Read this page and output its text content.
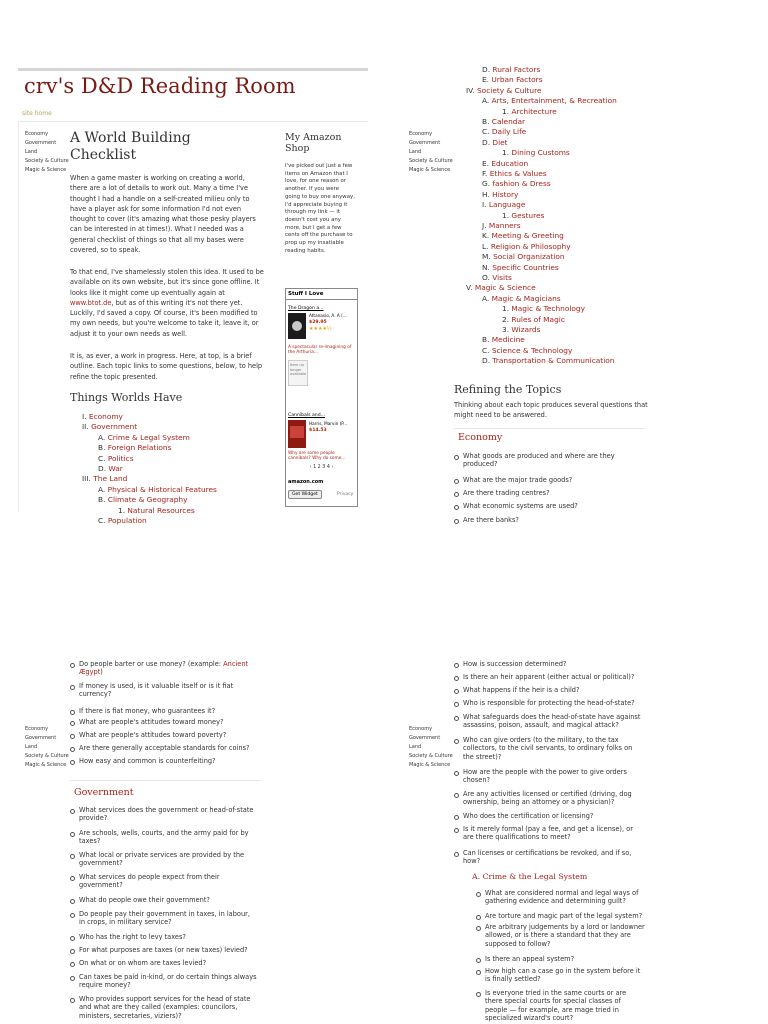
crv's D&D Reading Room
site home
Economy
Government
Land
Society & Culture
Magic & Science
A World Building
Checklist
When a game master is working on creating a world, there are a lot of details to work out. Many a time I've thought I had a handle on a self-created milieu only to have a player ask for some information I'd not even thought to cover (it's amazing what those pesky players can be interested in at times!). What I needed was a general checklist of things so that all my bases were covered, so to speak.
To that end, I've shamelessly stolen this idea. It used to be available on its own website, but it's since gone offline. It looks like it might come up eventually again at www.btot.de, but as of this writing it's not there yet. Luckily, I'd saved a copy. Of course, it's been modified to my own needs, but you're welcome to take it, leave it, or adjust it to your own needs as well.
It is, as ever, a work in progress. Here, at top, is a brief outline. Each topic links to some questions, below, to help refine the topic presented.
Things Worlds Have
I. Economy
II. Government
A. Crime & Legal System
B. Foreign Relations
C. Politics
D. War
III. The Land
A. Physical & Historical Features
B. Climate & Geography
1. Natural Resources
C. Population
My Amazon
Shop
I've picked out just a few items on Amazon that I love, for one reason or another. If you were going to buy one anyway, I'd appreciate buying it through my link — it doesn't cost you any more, but I get a few cents off the purchase to prop up my insatiable reading habits.
Stuff I Love
The Dragon a...
Attanasio, A. A (...
$29.95
★★★★½
A spectacular re-imagining of the Arthuria...
Item no longer available
Cannibals and...
Harris, Marvin (P...
$14.53
Why are some people cannibals? Why do some...
‹ 1 2 3 4 ›
amazon.com
Get Widget	Privacy
Economy
Government
Land
Society & Culture
Magic & Science
D. Rural Factors
E. Urban Factors
IV. Society & Culture
A. Arts, Entertainment, & Recreation
1. Architecture
B. Calendar
C. Daily Life
D. Diet
1. Dining Customs
E. Education
F. Ethics & Values
G. fashion & Dress
H. History
I. Language
1. Gestures
J. Manners
K. Meeting & Greeting
L. Religion & Philosophy
M. Social Organization
N. Specific Countries
O. Visits
V. Magic & Science
A. Magic & Magicians
1. Magic & Technology
2. Rules of Magic
3. Wizards
B. Medicine
C. Science & Technology
D. Transportation & Communication
Refining the Topics
Thinking about each topic produces several questions that might need to be answered.
Economy
What goods are produced and where are they produced?
What are the major trade goods?
Are there trading centres?
What economic systems are used?
Are there banks?
Economy
Government
Land
Society & Culture
Magic & Science
Do people barter or use money? (example: Ancient Ægypt)
If money is used, is it valuable itself or is it fiat currency?
If there is fiat money, who guarantees it?
What are people's attitudes toward money?
What are people's attitudes toward poverty?
Are there generally acceptable standards for coins?
How easy and common is counterfeiting?
Government
What services does the government or head-of-state provide?
Are schools, wells, courts, and the army paid for by taxes?
What local or private services are provided by the government?
What services do people expect from their government?
What do people owe their government?
Do people pay their government in taxes, in labour, in crops, in military service?
Who has the right to levy taxes?
For what purposes are taxes (or new taxes) levied?
On what or on whom are taxes levied?
Can taxes be paid in-kind, or do certain things always require money?
Who provides support services for the head of state and what are they called (examples: councilors, ministers, secretaries, viziers)?
Economy
Government
Land
Society & Culture
Magic & Science
How is succession determined?
Is there an heir apparent (either actual or political)?
What happens if the heir is a child?
Who is responsible for protecting the head-of-state?
What safeguards does the head-of-state have against assassins, poison, assault, and magical attack?
Who can give orders (to the military, to the tax collectors, to the civil servants, to ordinary folks on the street)?
How are the people with the power to give orders chosen?
Are any activities licensed or certified (driving, dog ownership, being an attorney or a physician)?
Who does the certification or licensing?
Is it merely formal (pay a fee, and get a license), or are there qualifications to meet?
Can licenses or certifications be revoked, and if so, how?
A. Crime & the Legal System
What are considered normal and legal ways of gathering evidence and determining guilt?
Are torture and magic part of the legal system?
Are arbitrary judgements by a lord or landowner allowed, or is there a standard that they are supposed to follow?
Is there an appeal system?
How high can a case go in the system before it is finally settled?
Is everyone tried in the same courts or are there special courts for special classes of people — for example, are mage tried in specialized wizard's court?
